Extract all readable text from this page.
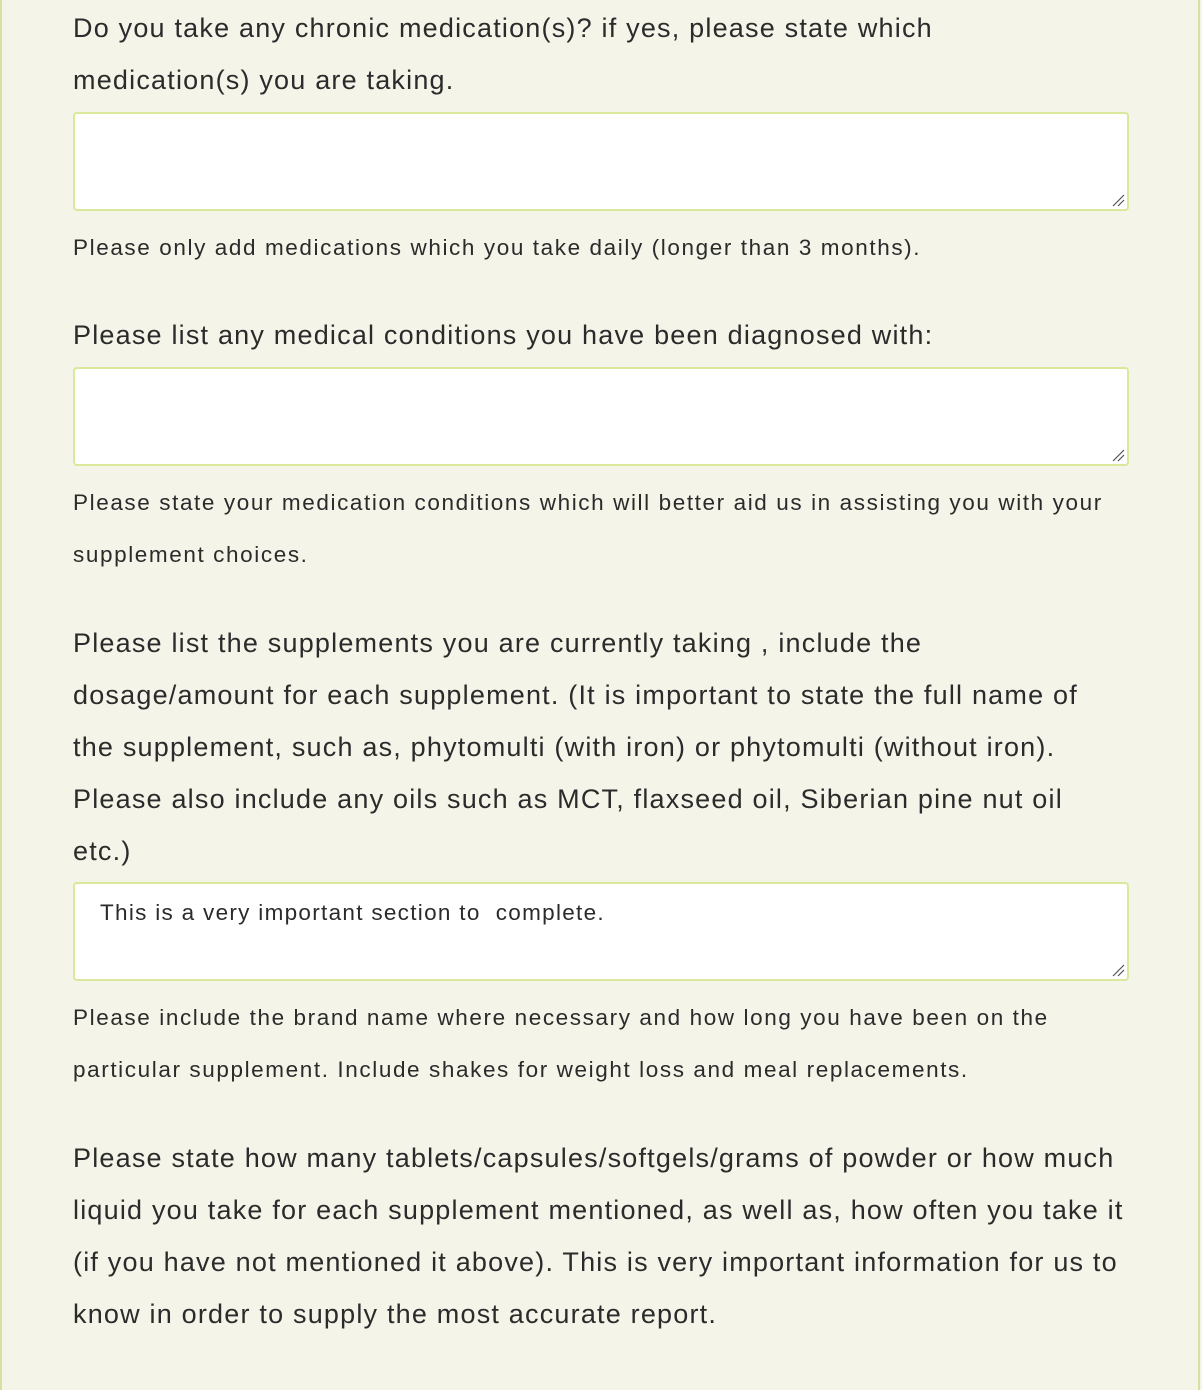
Do you take any chronic medication(s)? if yes, please state which medication(s) you are taking.

Please only add medications which you take daily (longer than 3 months).

Please list any medical conditions you have been diagnosed with:

Please state your medication conditions which will better aid us in assisting you with your supplement choices.

Please list the supplements you are currently taking , include the dosage/amount for each supplement. (It is important to state the full name of the supplement, such as, phytomulti (with iron) or phytomulti (without iron). Please also include any oils such as MCT, flaxseed oil, Siberian pine nut oil etc.)

This is a very important section to  complete.

Please include the brand name where necessary and how long you have been on the particular supplement. Include shakes for weight loss and meal replacements.

Please state how many tablets/capsules/softgels/grams of powder or how much liquid you take for each supplement mentioned, as well as, how often you take it (if you have not mentioned it above). This is very important information for us to know in order to supply the most accurate report.
